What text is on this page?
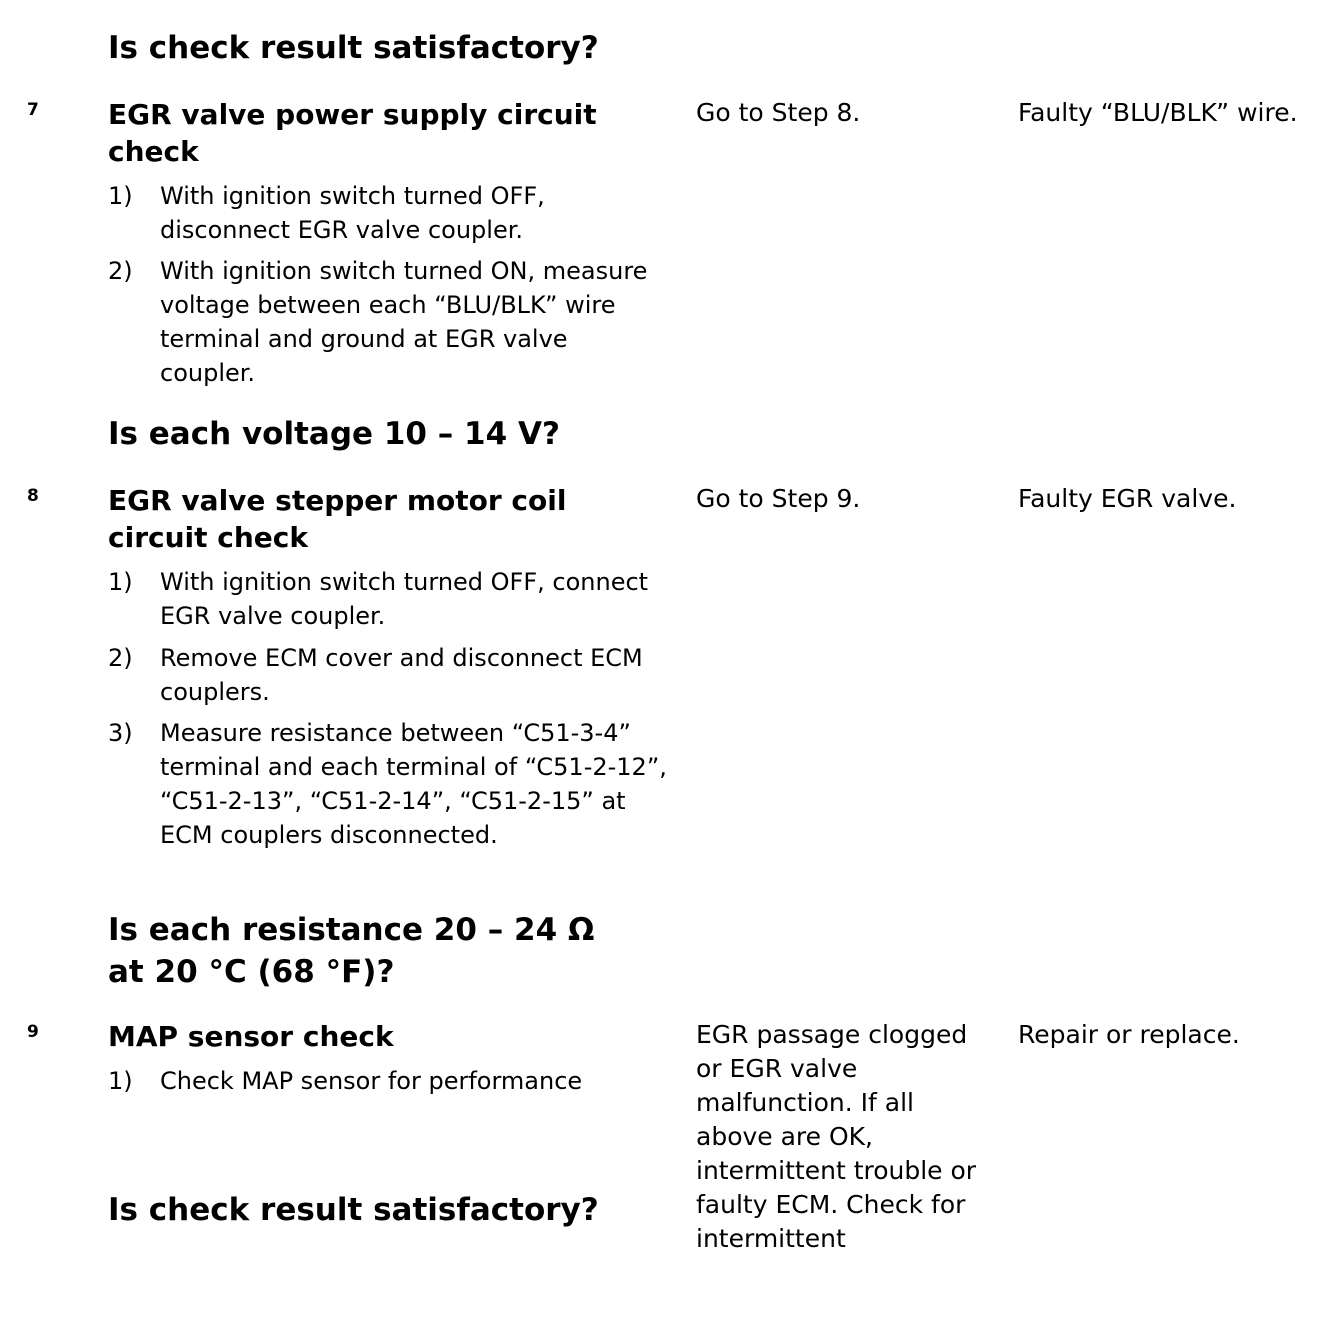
Is check result satisfactory?
7 EGR valve power supply circuit check
1) With ignition switch turned OFF, disconnect EGR valve coupler.
2) With ignition switch turned ON, measure voltage between each “BLU/BLK” wire terminal and ground at EGR valve coupler.
Is each voltage 10 – 14 V?
Go to Step 8.	Faulty “BLU/BLK” wire.
8 EGR valve stepper motor coil circuit check
1) With ignition switch turned OFF, connect EGR valve coupler.
2) Remove ECM cover and disconnect ECM couplers.
3) Measure resistance between “C51-3-4” terminal and each terminal of “C51-2-12”, “C51-2-13”, “C51-2-14”, “C51-2-15” at ECM couplers disconnected.
Is each resistance 20 – 24 Ω
at 20 °C (68 °F)?
Go to Step 9.	Faulty EGR valve.
9 MAP sensor check
1) Check MAP sensor for performance
Is check result satisfactory?
EGR passage clogged or EGR valve malfunction. If all above are OK, intermittent trouble or faulty ECM. Check for intermittent
Repair or replace.
